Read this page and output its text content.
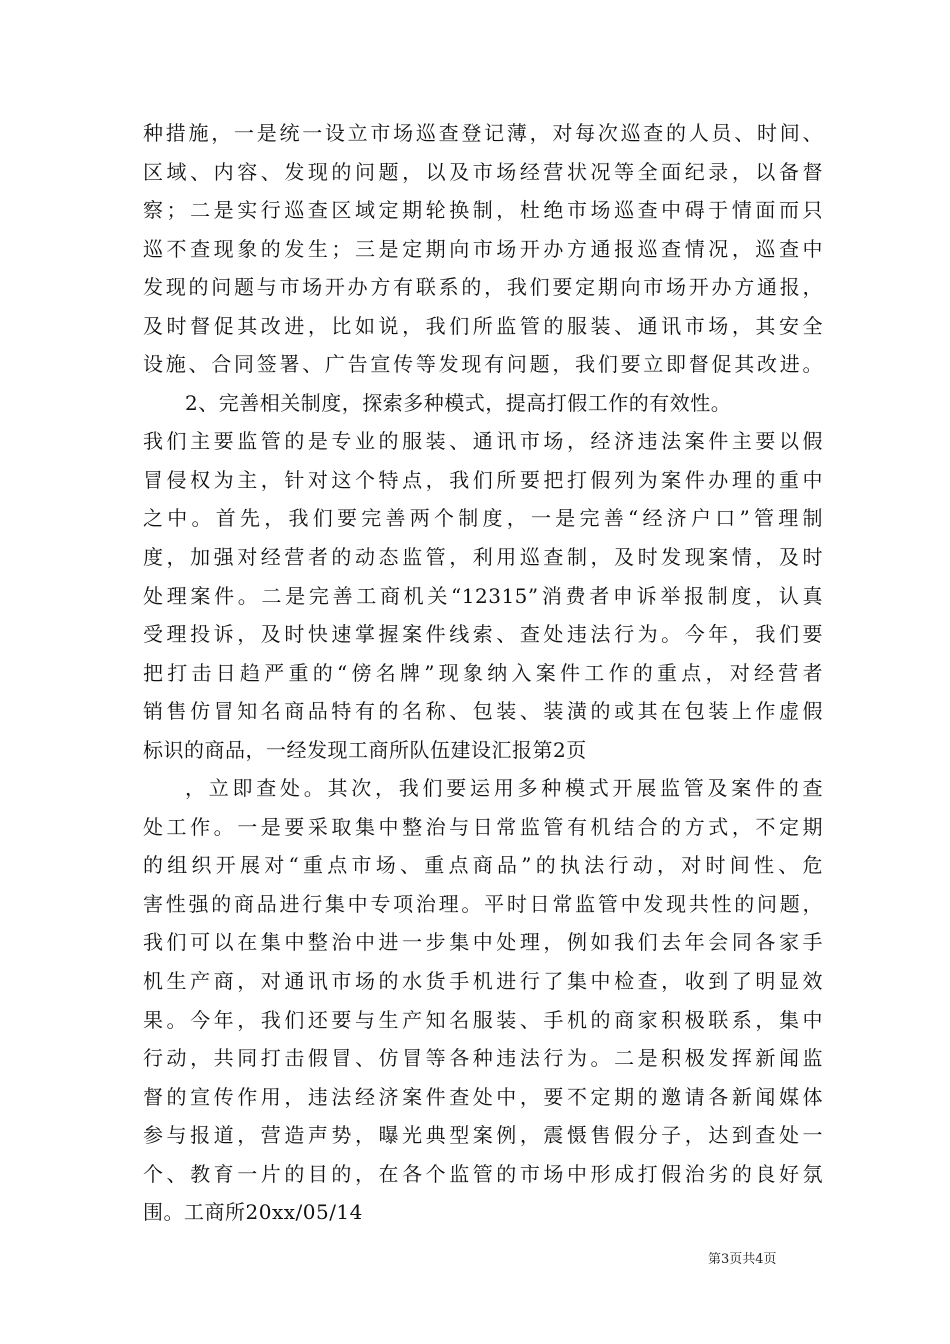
种措施，一是统一设立市场巡查登记薄，对每次巡查的人员、时间、
区域、内容、发现的问题，以及市场经营状况等全面纪录，以备督
察；二是实行巡查区域定期轮换制，杜绝市场巡查中碍于情面而只
巡不查现象的发生；三是定期向市场开办方通报巡查情况，巡查中
发现的问题与市场开办方有联系的，我们要定期向市场开办方通报，
及时督促其改进，比如说，我们所监管的服装、通讯市场，其安全
设施、合同签署、广告宣传等发现有问题，我们要立即督促其改进。
2、完善相关制度，探索多种模式，提高打假工作的有效性。
我们主要监管的是专业的服装、通讯市场，经济违法案件主要以假
冒侵权为主，针对这个特点，我们所要把打假列为案件办理的重中
之中。首先，我们要完善两个制度，一是完善“经济户口”管理制
度，加强对经营者的动态监管，利用巡查制，及时发现案情，及时
处理案件。二是完善工商机关“12315”消费者申诉举报制度，认真
受理投诉，及时快速掌握案件线索、查处违法行为。今年，我们要
把打击日趋严重的“傍名牌”现象纳入案件工作的重点，对经营者
销售仿冒知名商品特有的名称、包装、装潢的或其在包装上作虚假
标识的商品，一经发现工商所队伍建设汇报第2页
，立即查处。其次，我们要运用多种模式开展监管及案件的查
处工作。一是要采取集中整治与日常监管有机结合的方式，不定期
的组织开展对“重点市场、重点商品”的执法行动，对时间性、危
害性强的商品进行集中专项治理。平时日常监管中发现共性的问题，
我们可以在集中整治中进一步集中处理，例如我们去年会同各家手
机生产商，对通讯市场的水货手机进行了集中检查，收到了明显效
果。今年，我们还要与生产知名服装、手机的商家积极联系，集中
行动，共同打击假冒、仿冒等各种违法行为。二是积极发挥新闻监
督的宣传作用，违法经济案件查处中，要不定期的邀请各新闻媒体
参与报道，营造声势，曝光典型案例，震慑售假分子，达到查处一
个、教育一片的目的，在各个监管的市场中形成打假治劣的良好氛
围。工商所20xx/05/14
第3页共4页
